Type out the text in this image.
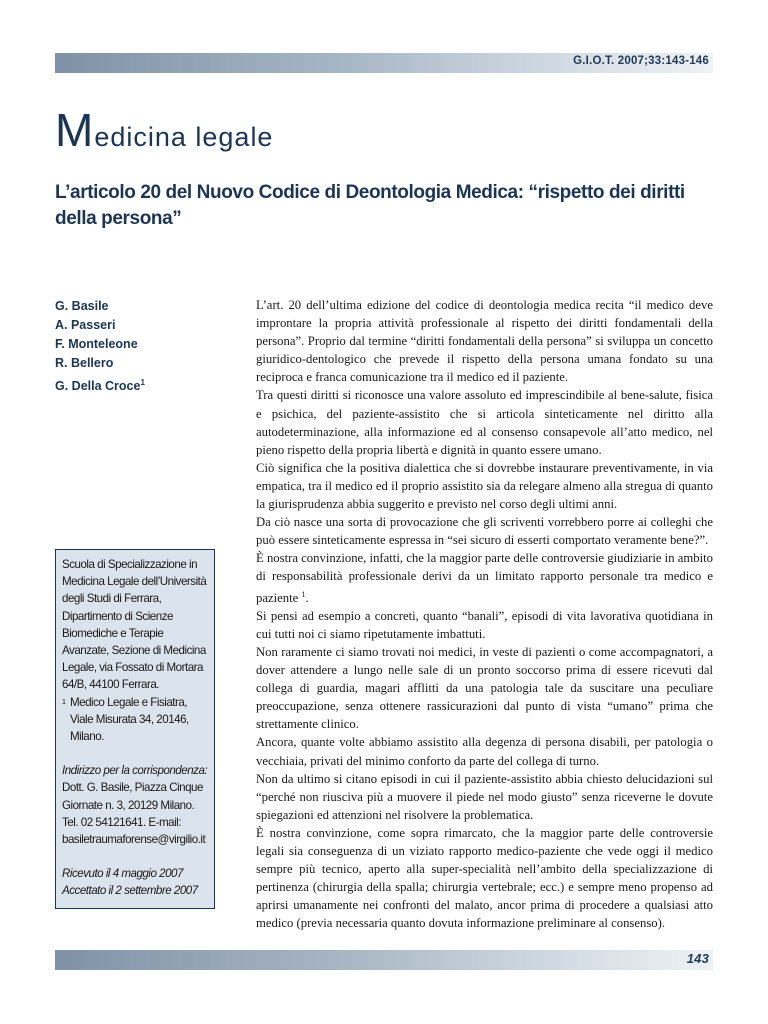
G.I.O.T. 2007;33:143-146
Medicina legale
L’articolo 20 del Nuovo Codice di Deontologia Medica: “rispetto dei diritti della persona”
G. Basile
A. Passeri
F. Monteleone
R. Bellero
G. Della Croce$^1$

Scuola di Specializzazione in Medicina Legale dell’Università degli Studi di Ferrara, Dipartimento di Scienze Biomediche e Terapie Avanzate, Sezione di Medicina Legale, via Fossato di Mortara 64/B, 44100 Ferrara.

1 Medico Legale e Fisiatra, Viale Misurata 34, 20146, Milano.

Indirizzo per la corrispondenza:

Dott. G. Basile, Piazza Cinque Giornate n. 3, 20129 Milano. Tel. 02 54121641. E-mail: basiletraumaforense@virgilio.it

Ricevuto il 4 maggio 2007

Accettato il 2 settembre 2007

L’art. 20 dell’ultima edizione del codice di deontologia medica recita “il medico deve improntare la propria attività professionale al rispetto dei diritti fondamentali della persona”. Proprio dal termine “diritti fondamentali della persona” si sviluppa un concetto giuridico-dentologico che prevede il rispetto della persona umana fondato su una reciproca e franca comunicazione tra il medico ed il paziente.

Tra questi diritti si riconosce una valore assoluto ed imprescindibile al bene-salute, fisica e psichica, del paziente-assistito che si articola sinteticamente nel diritto alla autodeterminazione, alla informazione ed al consenso consapevole all’atto medico, nel pieno rispetto della propria libertà e dignità in quanto essere umano.

Ciò significa che la positiva dialettica che si dovrebbe instaurare preventivamente, in via empatica, tra il medico ed il proprio assistito sia da relegare almeno alla stregua di quanto la giurisprudenza abbia suggerito e previsto nel corso degli ultimi anni.

Da ciò nasce una sorta di provocazione che gli scriventi vorrebbero porre ai colleghi che può essere sinteticamente espressa in “sei sicuro di esserti comportato veramente bene?”.

È nostra convinzione, infatti, che la maggior parte delle controversie giudiziarie in ambito di responsabilità professionale derivi da un limitato rapporto personale tra medico e paziente $^1$.

Si pensi ad esempio a concreti, quanto “banali”, episodi di vita lavorativa quotidiana in cui tutti noi ci siamo ripetutamente imbattuti.

Non raramente ci siamo trovati noi medici, in veste di pazienti o come accompagnatori, a dover attendere a lungo nelle sale di un pronto soccorso prima di essere ricevuti dal collega di guardia, magari afflitti da una patologia tale da suscitare una peculiare preoccupazione, senza ottenere rassicurazioni dal punto di vista “umano” prima che strettamente clinico.

Ancora, quante volte abbiamo assistito alla degenza di persona disabili, per patologia o vecchiaia, privati del minimo conforto da parte del collega di turno.

Non da ultimo si citano episodi in cui il paziente-assistito abbia chiesto delucidazioni sul “perché non riusciva più a muovere il piede nel modo giusto” senza riceverne le dovute spiegazioni ed attenzioni nel risolvere la problematica.

È nostra convinzione, come sopra rimarcato, che la maggior parte delle controversie legali sia conseguenza di un viziato rapporto medico-paziente che vede oggi il medico sempre più tecnico, aperto alla super-specialità nell’ambito della specializzazione di pertinenza (chirurgia della spalla; chirurgia vertebrale; ecc.) e sempre meno propenso ad aprirsi umanamente nei confronti del malato, ancor prima di procedere a qualsiasi atto medico (previa necessaria quanto dovuta informazione preliminare al consenso).

143
